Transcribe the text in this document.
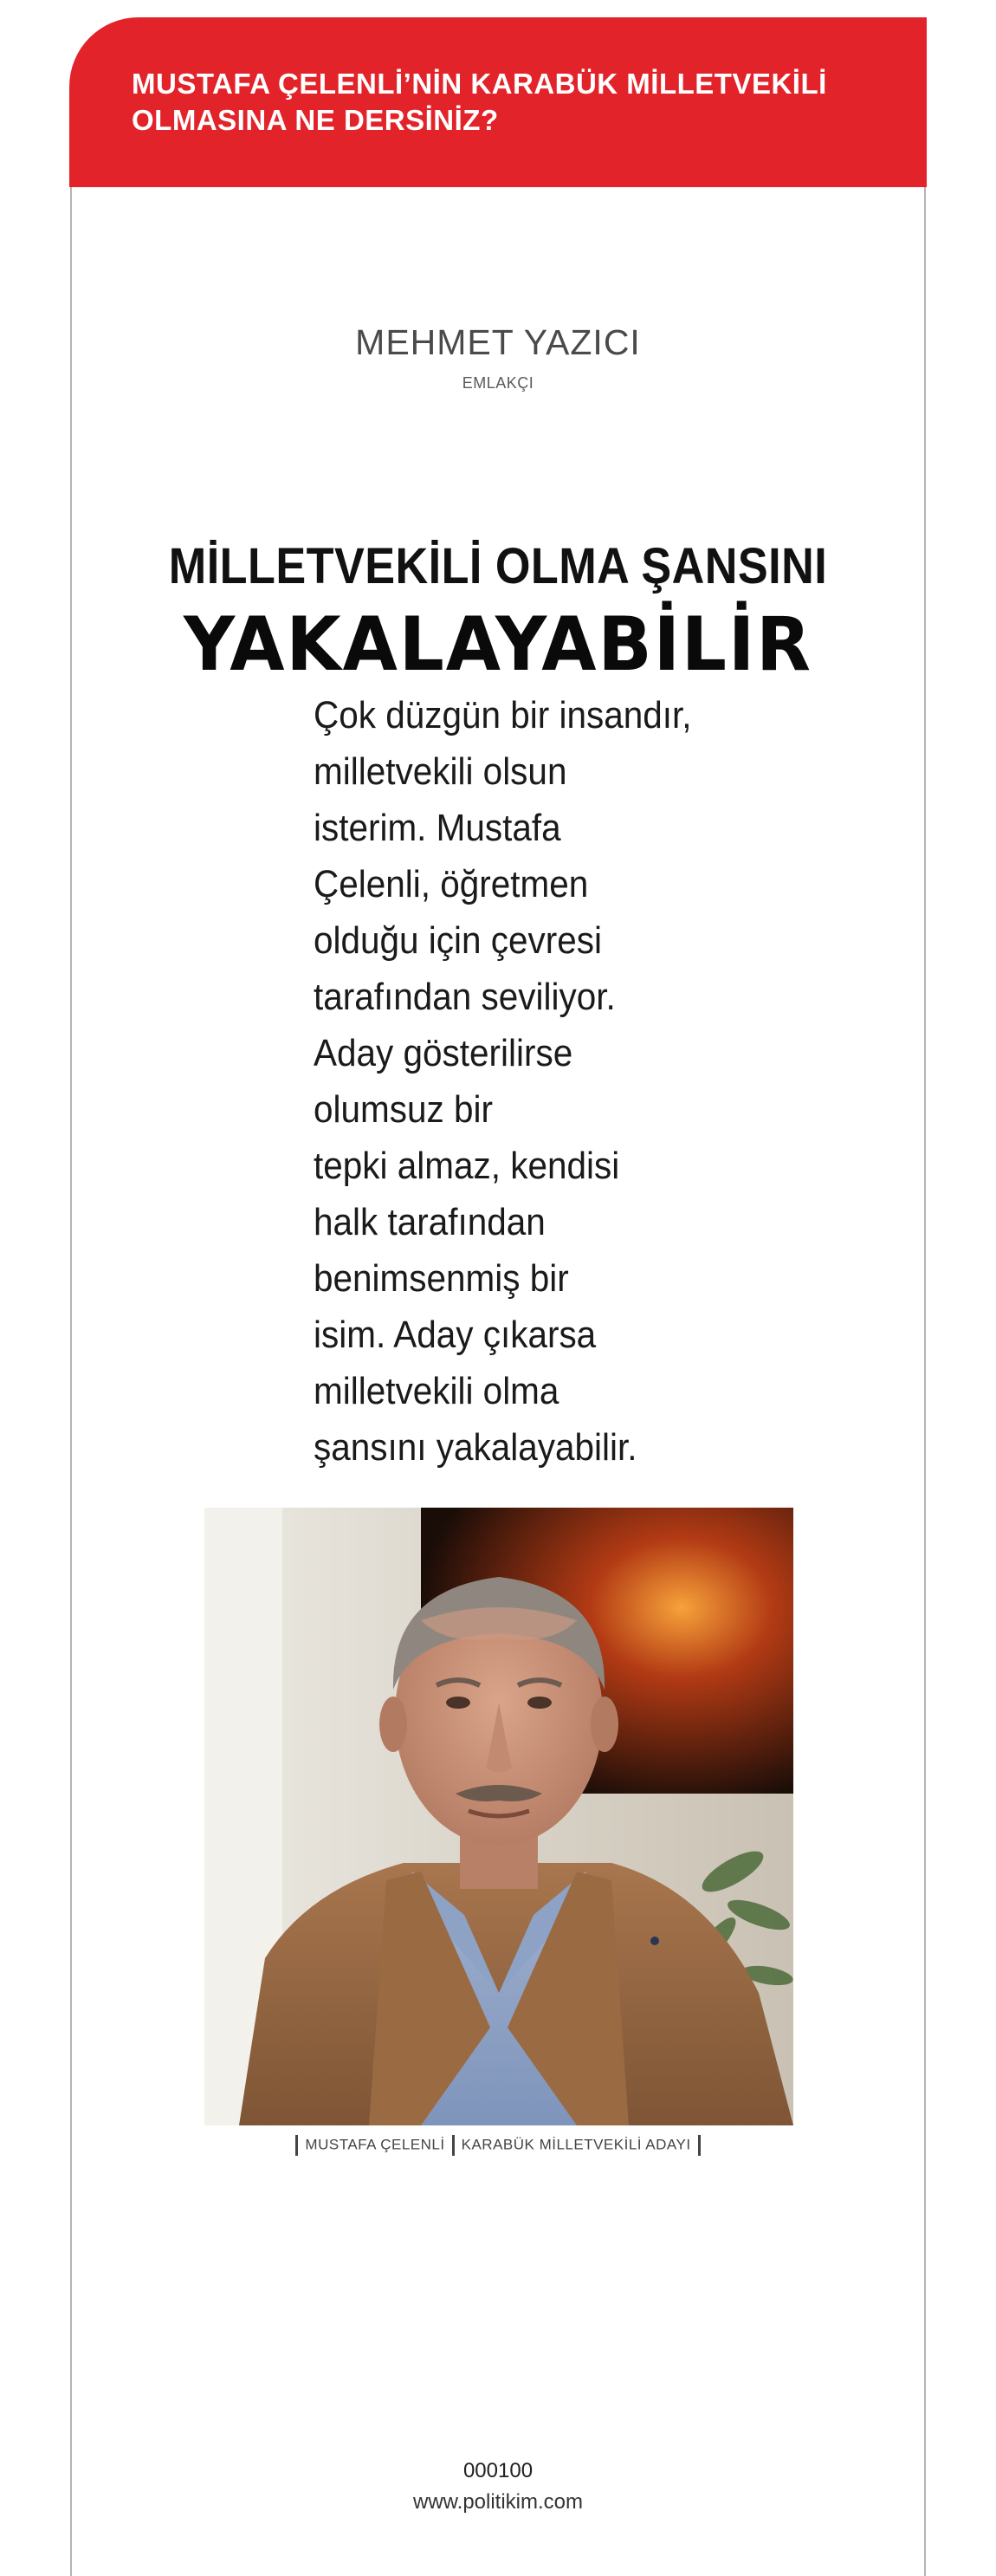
MUSTAFA ÇELENLİ’NİN KARABÜK MİLLETVEKİLİ
OLMASINA NE DERSİNİZ?
MEHMET YAZICI
EMLAKÇI
MİLLETVEKİLİ OLMA ŞANSINI
YAKALAYABİLİR
Çok düzgün bir insandır,
milletvekili olsun
isterim. Mustafa
Çelenli, öğretmen
olduğu için çevresi
tarafından seviliyor.
Aday gösterilirse
olumsuz bir
tepki almaz, kendisi
halk tarafından
benimsenmiş bir
isim. Aday çıkarsa
milletvekili olma
şansını yakalayabilir.
MUSTAFA ÇELENLİ KARABÜK MİLLETVEKİLİ ADAYI
000100
www.politikim.com
